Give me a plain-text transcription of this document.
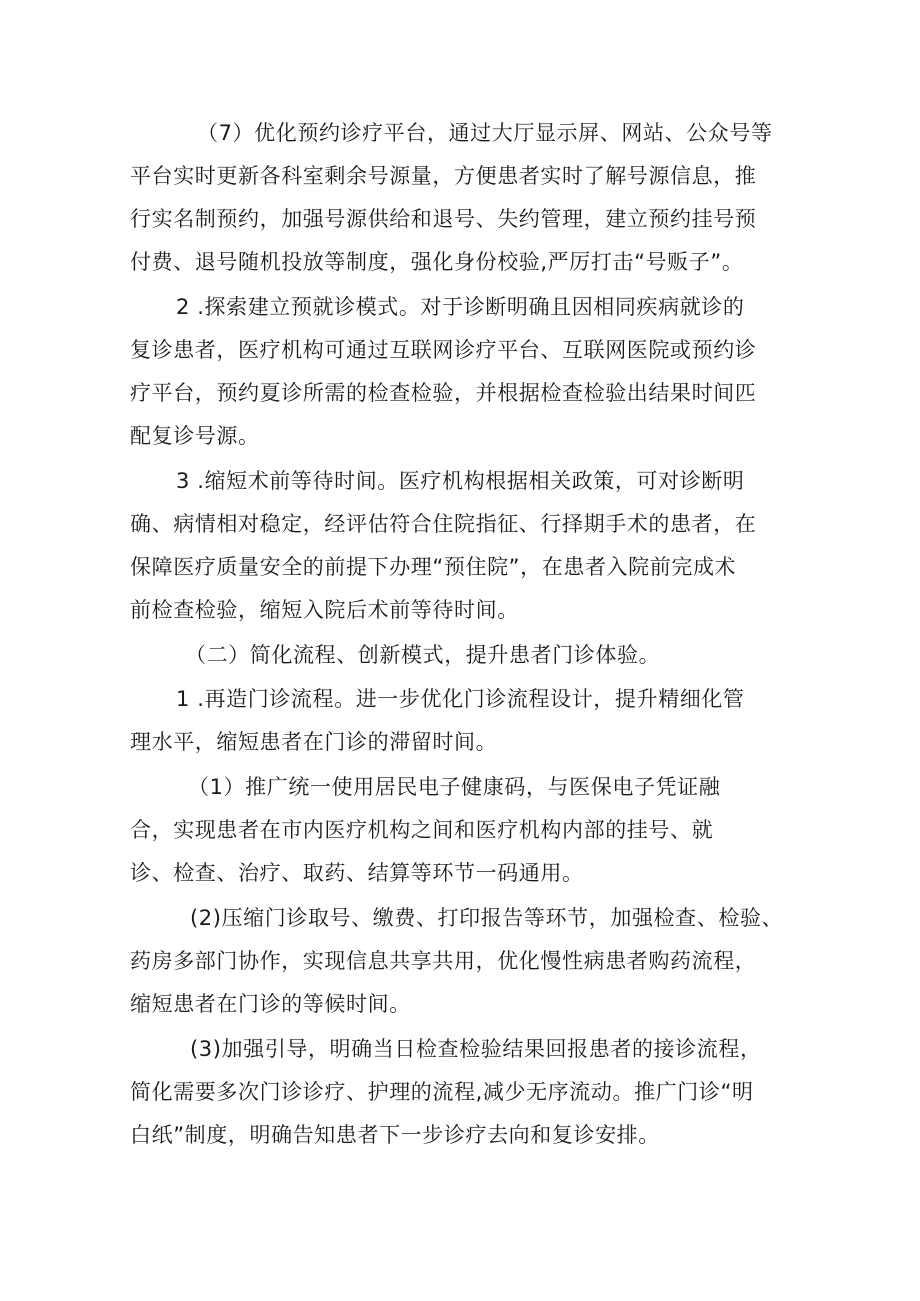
（7）优化预约诊疗平台，通过大厅显示屏、网站、公众号等
平台实时更新各科室剩余号源量，方便患者实时了解号源信息，推
行实名制预约，加强号源供给和退号、失约管理，建立预约挂号预
付费、退号随机投放等制度，强化身份校验,严厉打击“号贩子”。
2 .探索建立预就诊模式。对于诊断明确且因相同疾病就诊的
复诊患者，医疗机构可通过互联网诊疗平台、互联网医院或预约诊
疗平台，预约夏诊所需的检查检验，并根据检查检验出结果时间匹
配复诊号源。
3 .缩短术前等待时间。医疗机构根据相关政策，可对诊断明
确、病情相对稳定，经评估符合住院指征、行择期手术的患者，在
保障医疗质量安全的前提下办理“预住院”，在患者入院前完成术
前检查检验，缩短入院后术前等待时间。
（二）简化流程、创新模式，提升患者门诊体验。
1 .再造门诊流程。进一步优化门诊流程设计，提升精细化管
理水平，缩短患者在门诊的滞留时间。
（1）推广统一使用居民电子健康码，与医保电子凭证融
合，实现患者在市内医疗机构之间和医疗机构内部的挂号、就
诊、检查、治疗、取药、结算等环节一码通用。
(2)压缩门诊取号、缴费、打印报告等环节，加强检查、检验、
药房多部门协作，实现信息共享共用，优化慢性病患者购药流程，
缩短患者在门诊的等候时间。
(3)加强引导，明确当日检查检验结果回报患者的接诊流程，
简化需要多次门诊诊疗、护理的流程,减少无序流动。推广门诊“明
白纸”制度，明确告知患者下一步诊疗去向和复诊安排。
